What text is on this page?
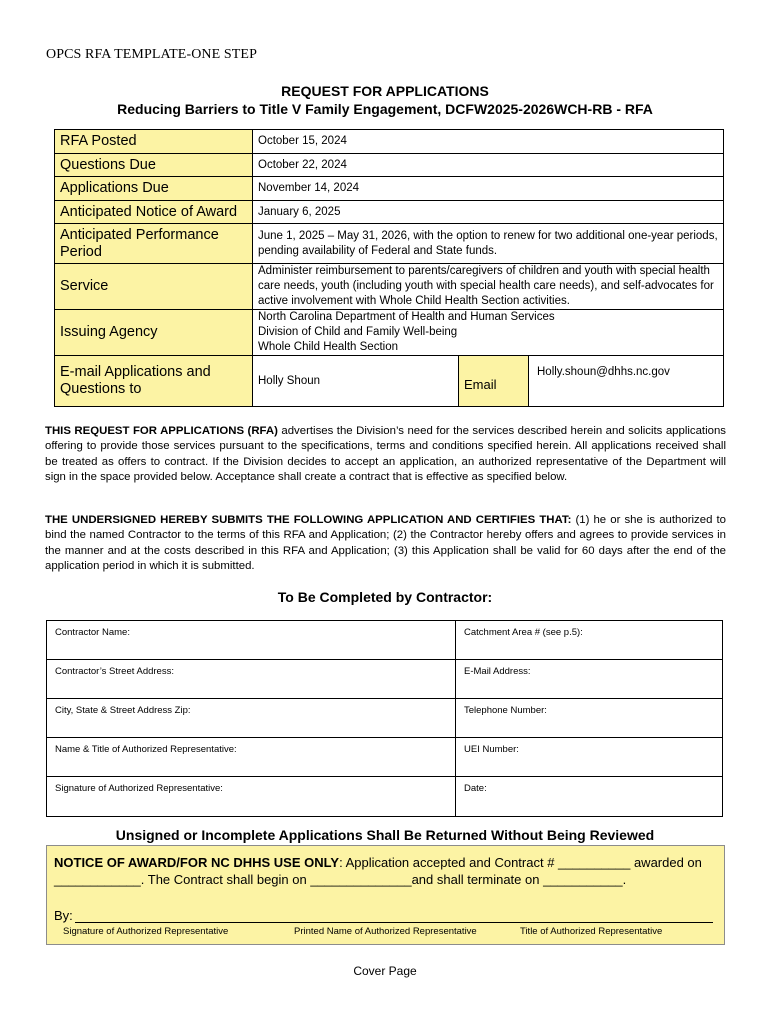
OPCS RFA TEMPLATE-ONE STEP
REQUEST FOR APPLICATIONS
Reducing Barriers to Title V Family Engagement, DCFW2025-2026WCH-RB - RFA
RFA Posted	October 15, 2024		
Questions Due	October 22, 2024		
Applications Due	November 14, 2024		
Anticipated Notice of Award	January 6, 2025		
Anticipated Performance Period	June 1, 2025 – May 31, 2026, with the option to renew for two additional one-year periods, pending availability of Federal and State funds.		
Service	Administer reimbursement to parents/caregivers of children and youth with special health care needs, youth (including youth with special health care needs), and self-advocates for active involvement with Whole Child Health Section activities.		
Issuing Agency	North Carolina Department of Health and Human Services
Division of Child and Family Well-being
Whole Child Health Section		

E-mail Applications and Questions to	Holly Shoun	Email	Holly.shoun@dhhs.nc.gov
THIS REQUEST FOR APPLICATIONS (RFA) advertises the Division’s need for the services described herein and solicits applications offering to provide those services pursuant to the specifications, terms and conditions specified herein. All applications received shall be treated as offers to contract. If the Division decides to accept an application, an authorized representative of the Department will sign in the space provided below. Acceptance shall create a contract that is effective as specified below.
THE UNDERSIGNED HEREBY SUBMITS THE FOLLOWING APPLICATION AND CERTIFIES THAT: (1) he or she is authorized to bind the named Contractor to the terms of this RFA and Application; (2) the Contractor hereby offers and agrees to provide services in the manner and at the costs described in this RFA and Application; (3) this Application shall be valid for 60 days after the end of the application period in which it is submitted.
To Be Completed by Contractor:
Contractor Name:	Catchment Area # (see p.5):
Contractor’s Street Address:	E-Mail Address:
City, State & Street Address Zip:	Telephone Number:
Name & Title of Authorized Representative:	UEI Number:
Signature of Authorized Representative:	Date:
Unsigned or Incomplete Applications Shall Be Returned Without Being Reviewed
NOTICE OF AWARD/FOR NC DHHS USE ONLY: Application accepted and Contract # __________ awarded on ____________. The Contract shall begin on ______________and shall terminate on ___________.
By:
Signature of Authorized Representative	Printed Name of Authorized Representative	Title of Authorized Representative
Cover Page
